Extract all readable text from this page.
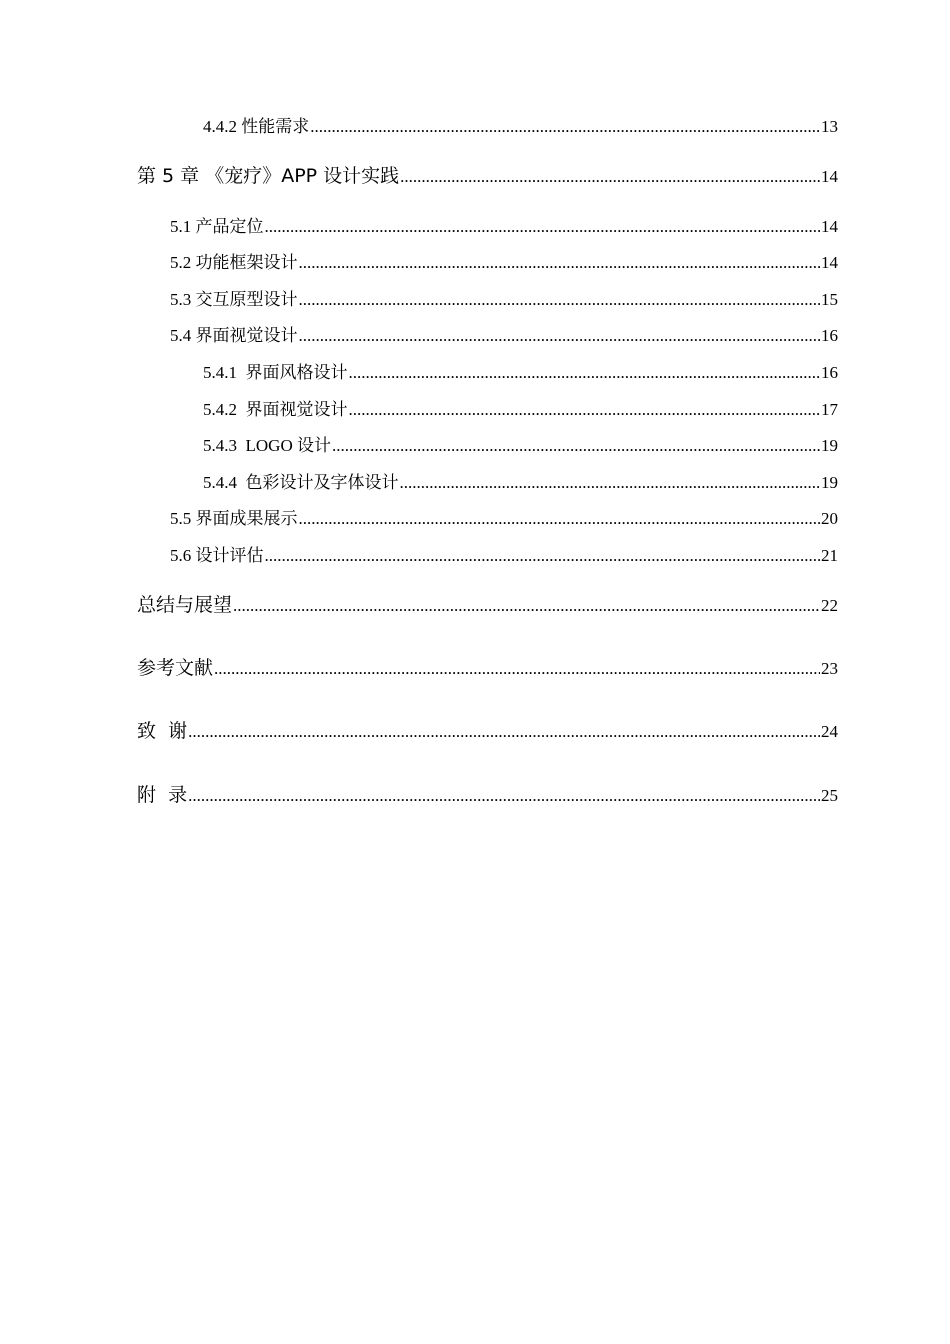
4.4.2 性能需求 .....	13
第 5 章 《宠疗》APP 设计实践 .....	14
5.1 产品定位 .....	14
5.2 功能框架设计 .....	14
5.3 交互原型设计 .....	15
5.4 界面视觉设计 .....	16
5.4.1  界面风格设计 .....	16
5.4.2  界面视觉设计 .....	17
5.4.3  LOGO 设计 .....	19
5.4.4  色彩设计及字体设计 .....	19
5.5 界面成果展示 .....	20
5.6 设计评估 .....	21
总结与展望 .....	22
参考文献 .....	23
致  谢 .....	24
附  录 .....	25
